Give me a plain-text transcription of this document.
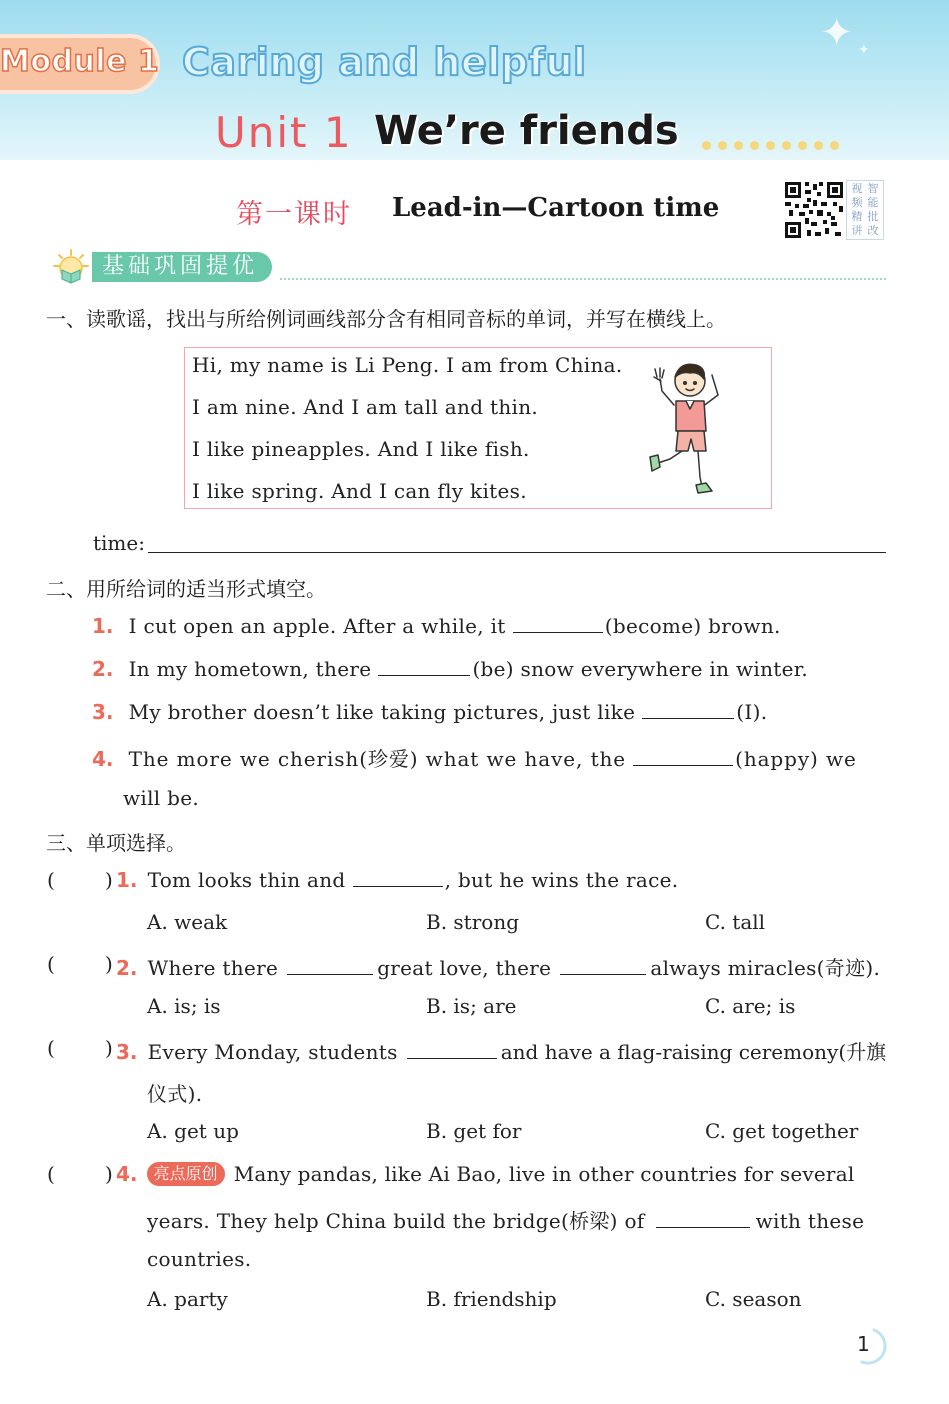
✦ ✦
Module 1 Caring and helpful
Unit 1 We’re friends
第一课时 Lead-in—Cartoon time
视 智
频 能
精 批
讲 改
基础巩固提优
一、读歌谣，找出与所给例词画线部分含有相同音标的单词，并写在横线上。
Hi, my name is Li Peng. I am from China.
I am nine. And I am tall and thin.
I like pineapples. And I like fish.
I like spring. And I can fly kites.
time:
二、用所给词的适当形式填空。
1. I cut open an apple. After a while, it	(become) brown.
2. In my hometown, there	(be) snow everywhere in winter.
3. My brother doesn’t like taking pictures, just like	(I).
4. The more we cherish(珍爱) what we have, the	(happy) we
will be.
三、单项选择。
(	) 1. Tom looks thin and	, but he wins the race.
A. weak	B. strong	C. tall
(	) 2. Where there	great love, there	always miracles(奇迹).
A. is; is	B. is; are	C. are; is
(	) 3. Every Monday, students	and have a flag-raising ceremony(升旗
仪式).
A. get up	B. get for	C. get together
(	) 4. 亮点原创 Many pandas, like Ai Bao, live in other countries for several
years. They help China build the bridge(桥梁) of	with these
countries.
A. party	B. friendship	C. season
1
